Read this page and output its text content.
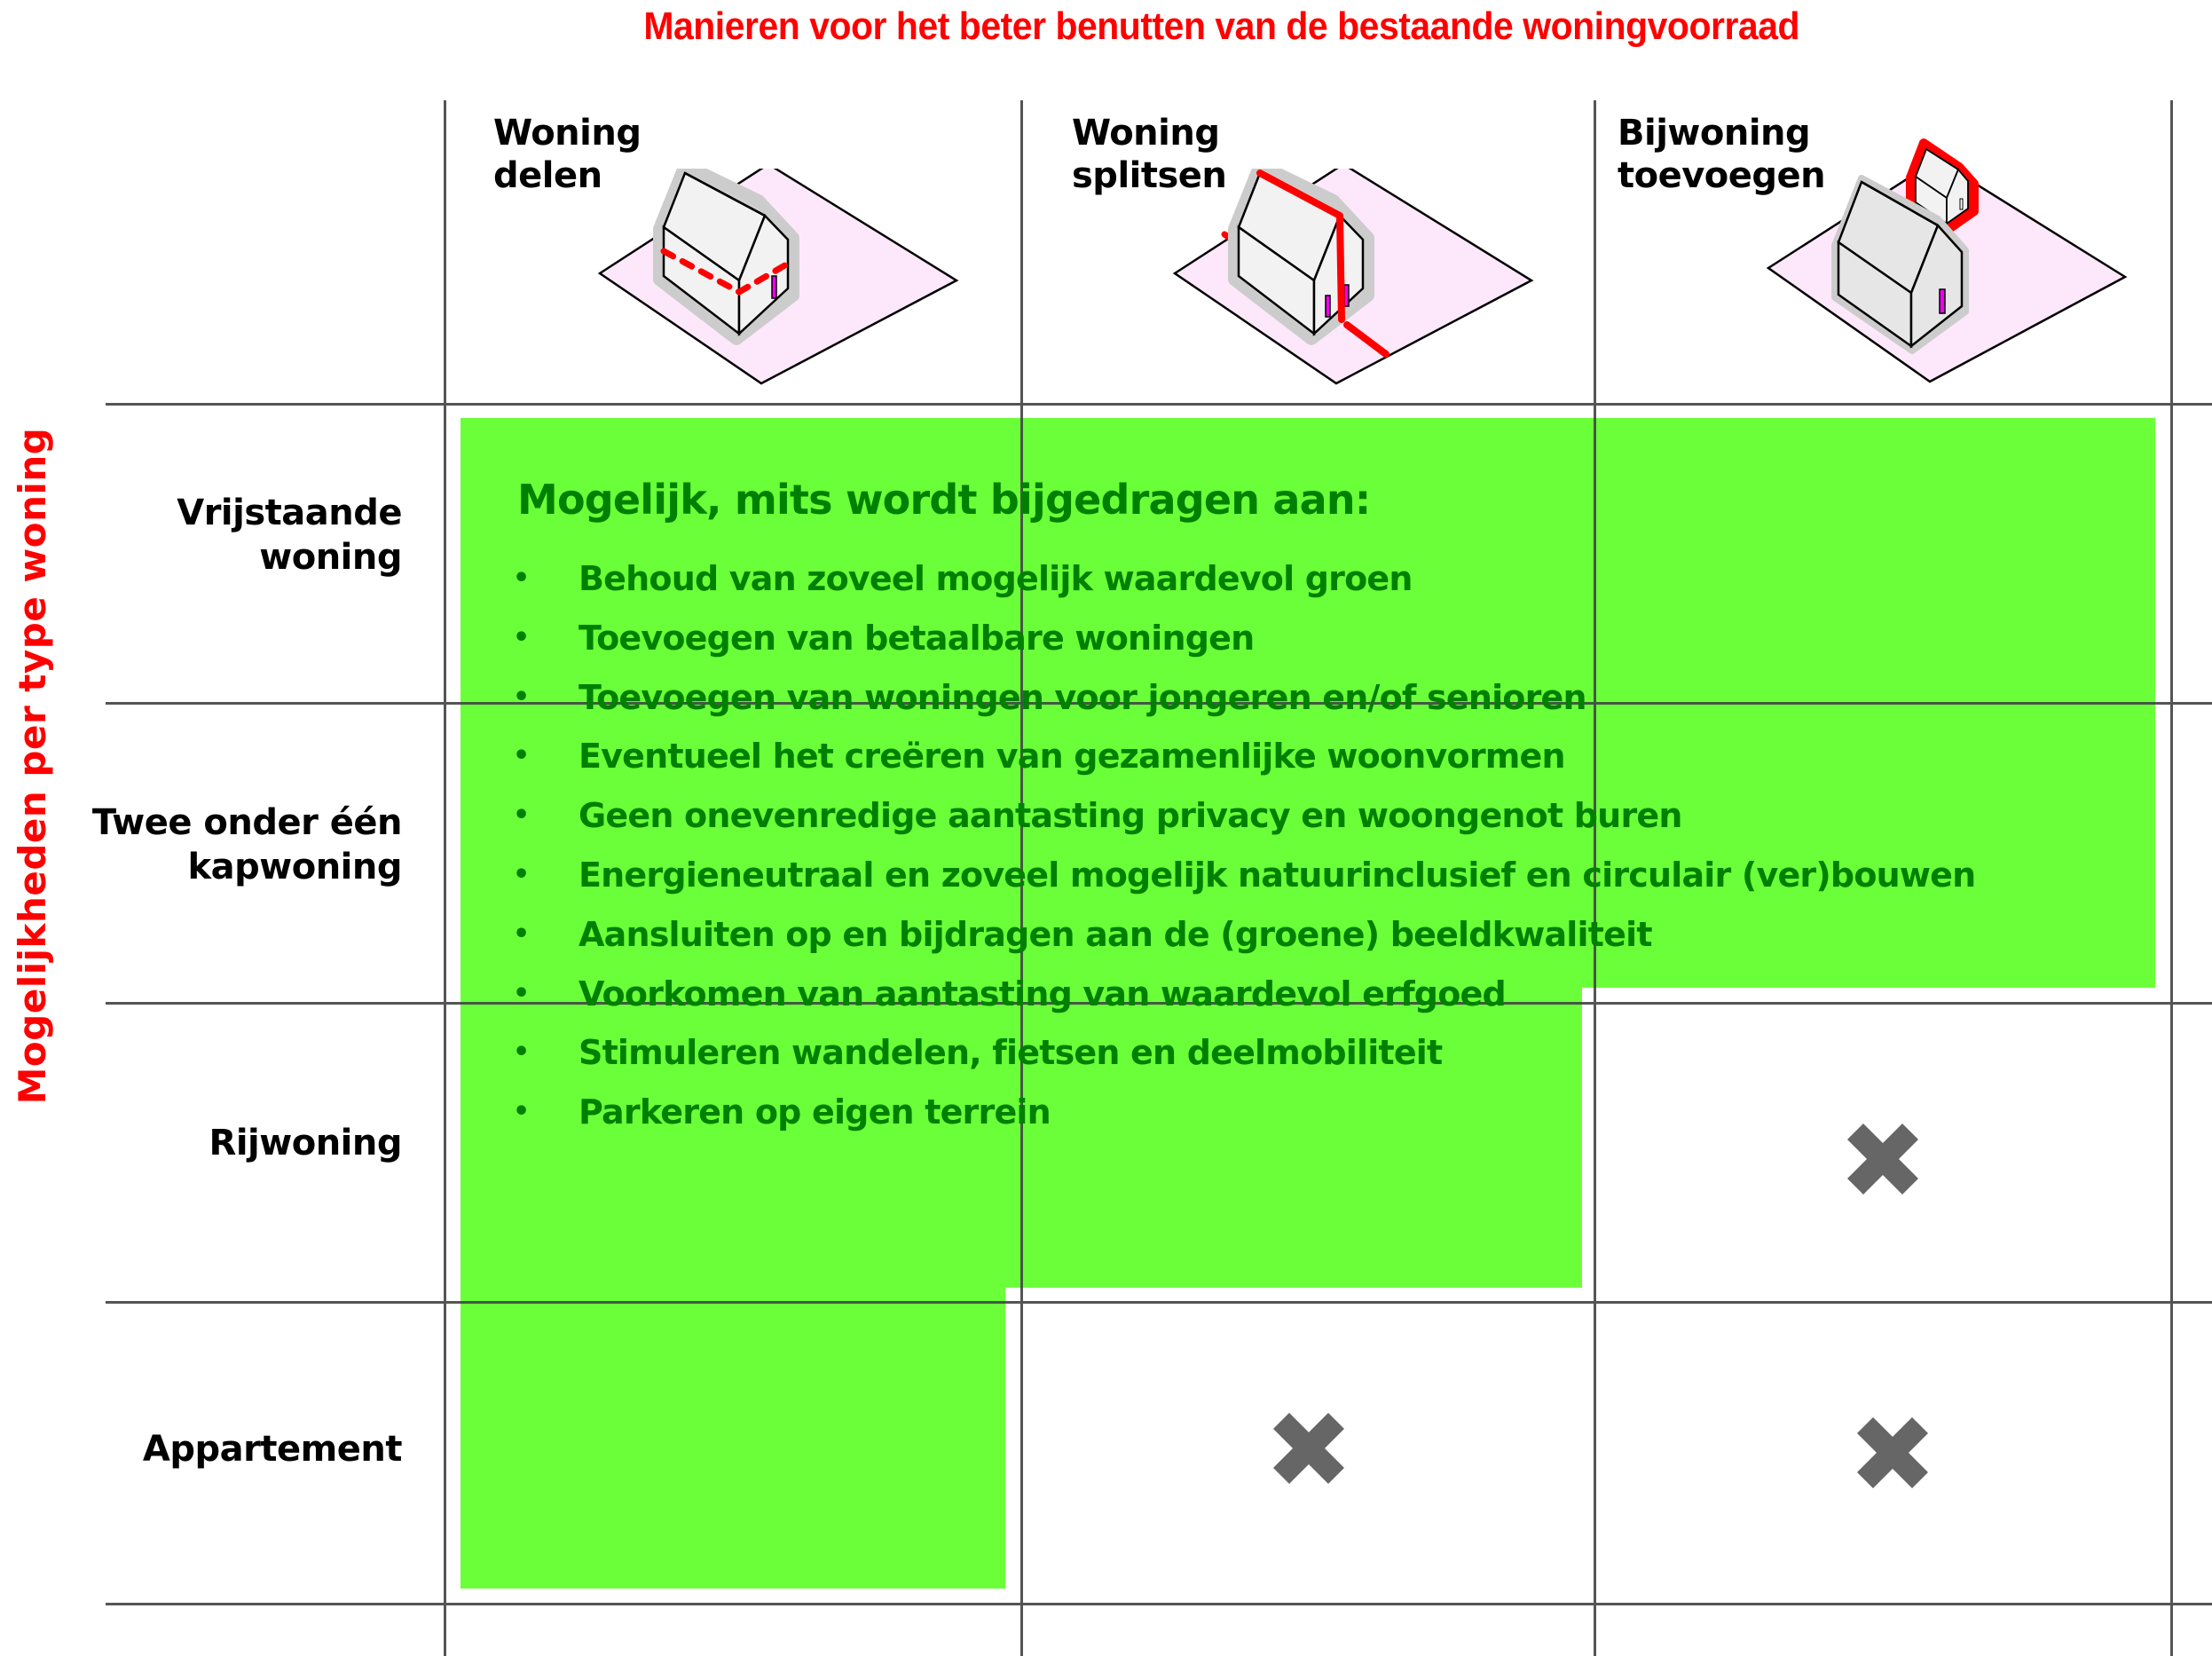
Manieren voor het beter benutten van de bestaande woningvoorraad
Mogelijkheden per type woning
Woning
delen
Woning
splitsen
Bijwoning
toevoegen
Vrijstaande
woning
Twee onder één
kapwoning
Rijwoning
Appartement
Mogelijk, mits wordt bijgedragen aan:
• Behoud van zoveel mogelijk waardevol groen
• Toevoegen van betaalbare woningen
• Toevoegen van woningen voor jongeren en/of senioren
• Eventueel het creëren van gezamenlijke woonvormen
• Geen onevenredige aantasting privacy en woongenot buren
• Energieneutraal en zoveel mogelijk natuurinclusief en circulair (ver)bouwen
• Aansluiten op en bijdragen aan de (groene) beeldkwaliteit
• Voorkomen van aantasting van waardevol erfgoed
• Stimuleren wandelen, fietsen en deelmobiliteit
• Parkeren op eigen terrein
